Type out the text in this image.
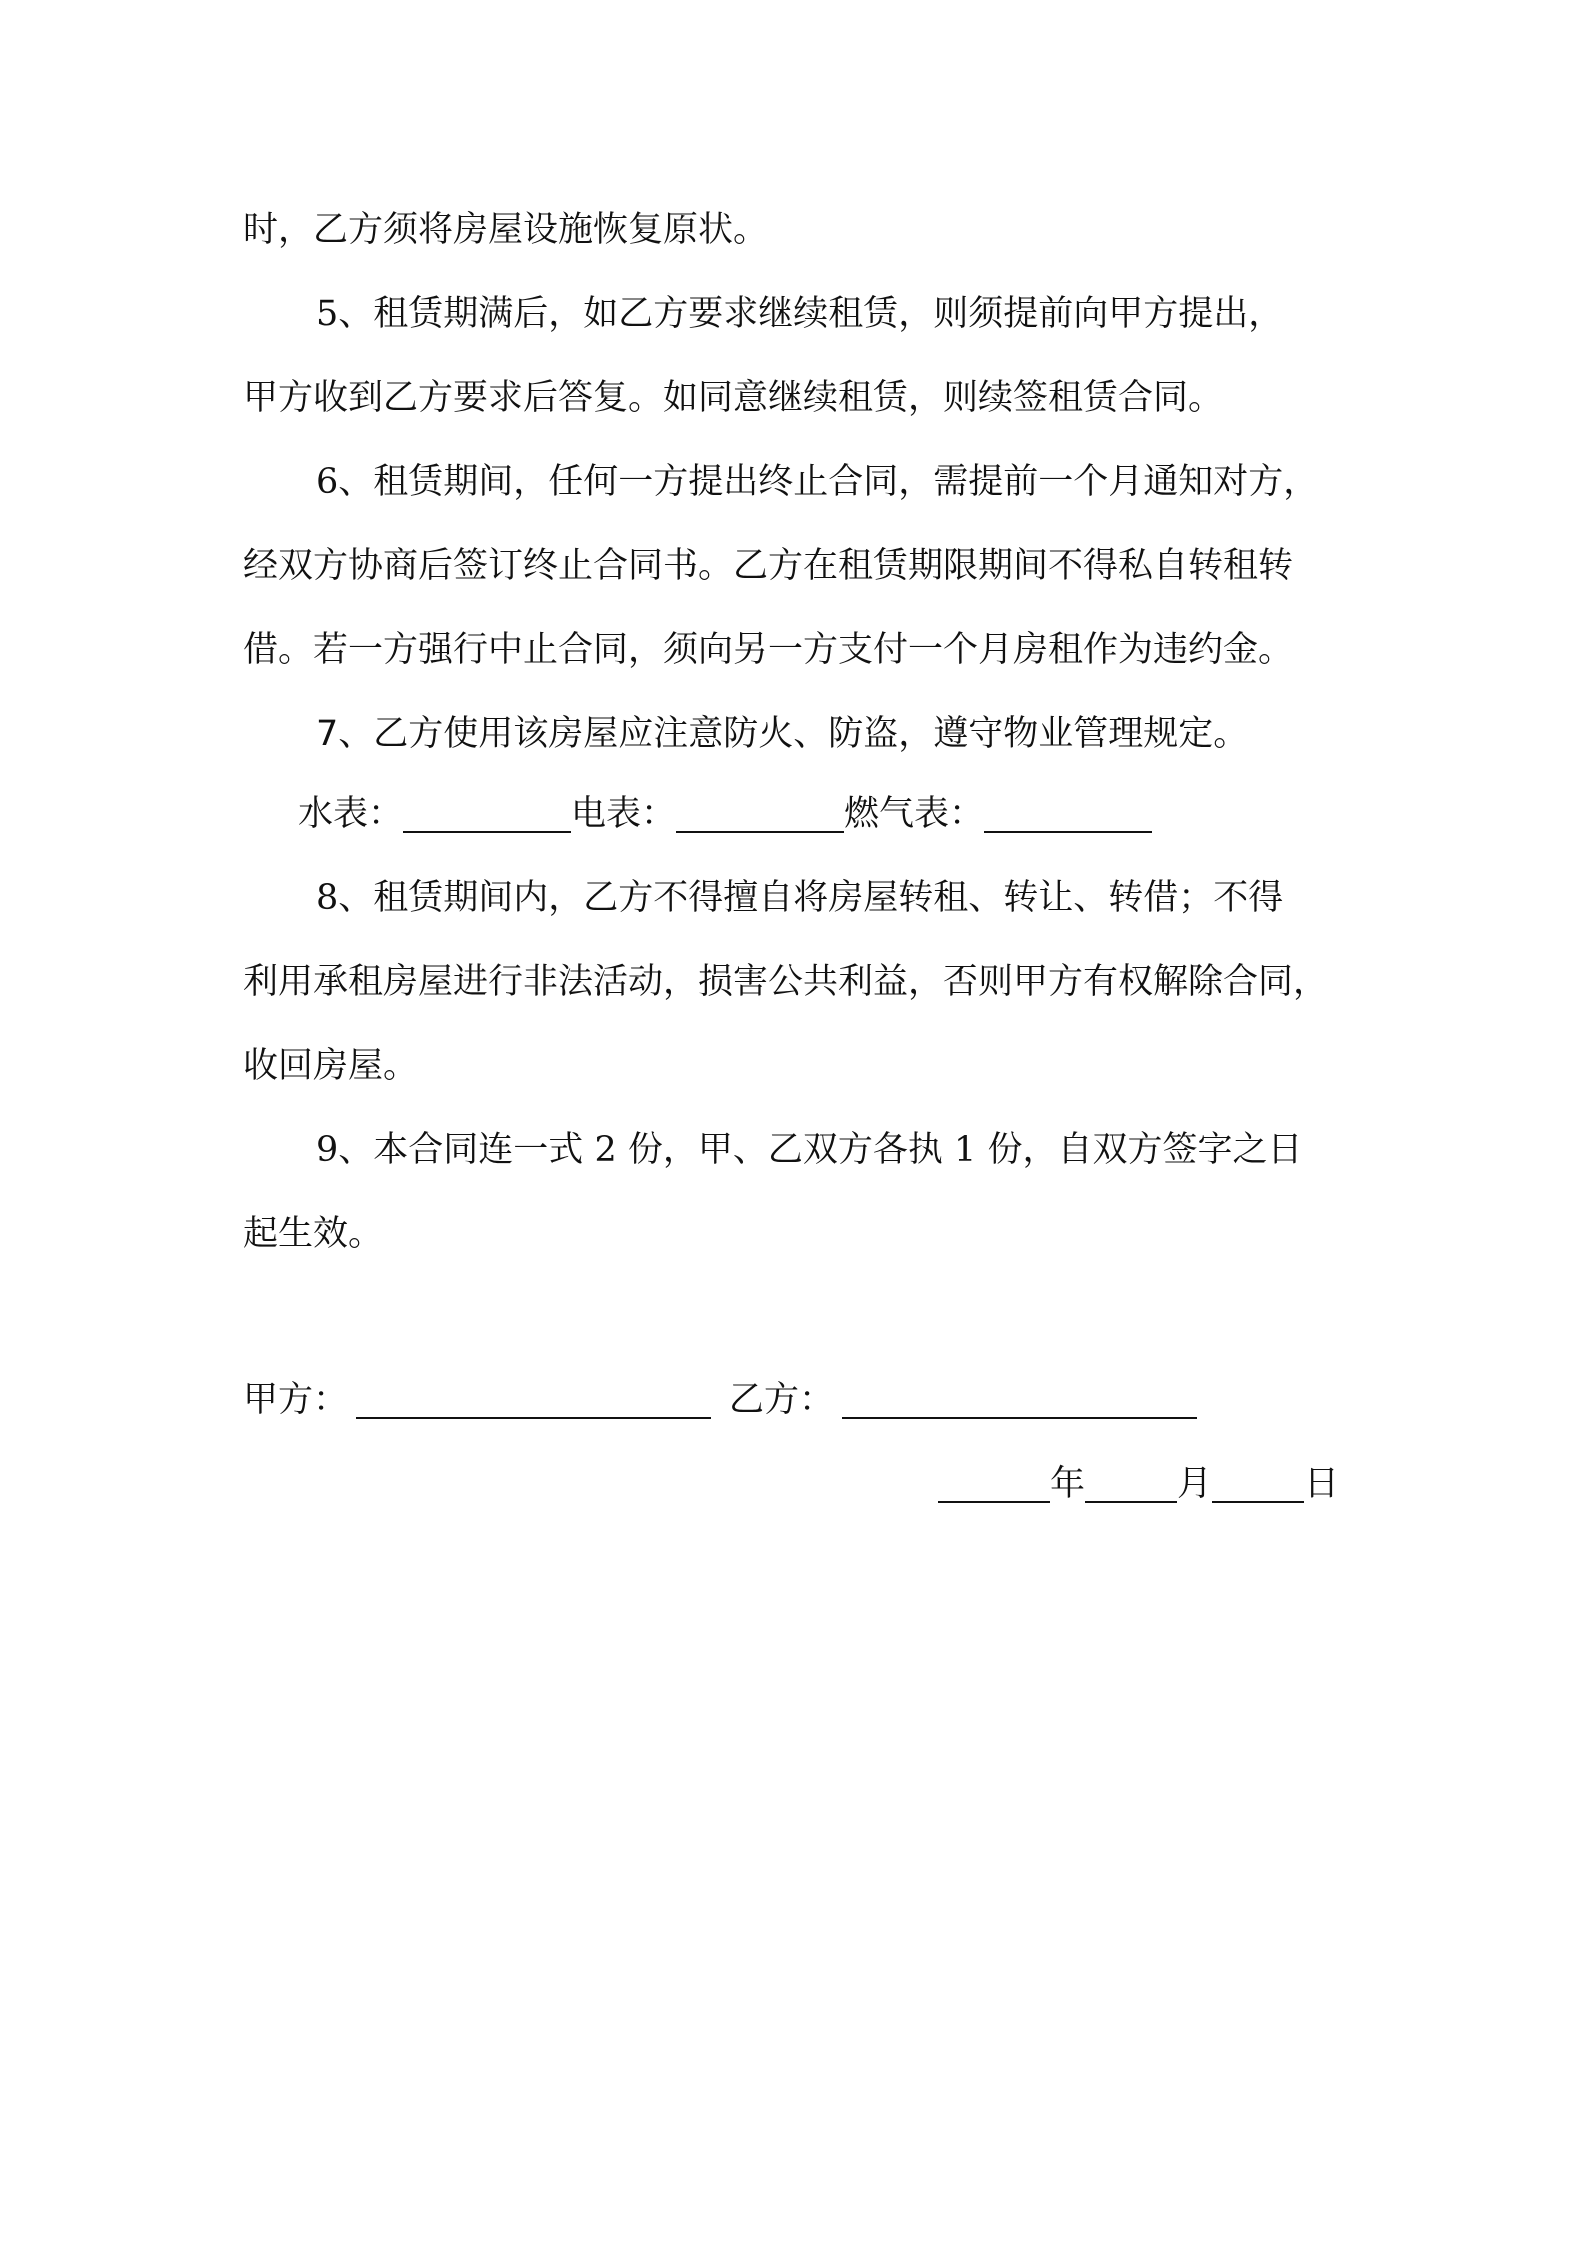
时，乙方须将房屋设施恢复原状。
5、租赁期满后，如乙方要求继续租赁，则须提前向甲方提出，
甲方收到乙方要求后答复。如同意继续租赁，则续签租赁合同。
6、租赁期间，任何一方提出终止合同，需提前一个月通知对方，
经双方协商后签订终止合同书。乙方在租赁期限期间不得私自转租转
借。若一方强行中止合同，须向另一方支付一个月房租作为违约金。
7、乙方使用该房屋应注意防火、防盗，遵守物业管理规定。
水表：	电表：	燃气表：
8、租赁期间内，乙方不得擅自将房屋转租、转让、转借；不得
利用承租房屋进行非法活动，损害公共利益，否则甲方有权解除合同，
收回房屋。
9、本合同连一式 2 份，甲、乙双方各执 1 份，自双方签字之日
起生效。
甲方：	乙方：
年	月	日
